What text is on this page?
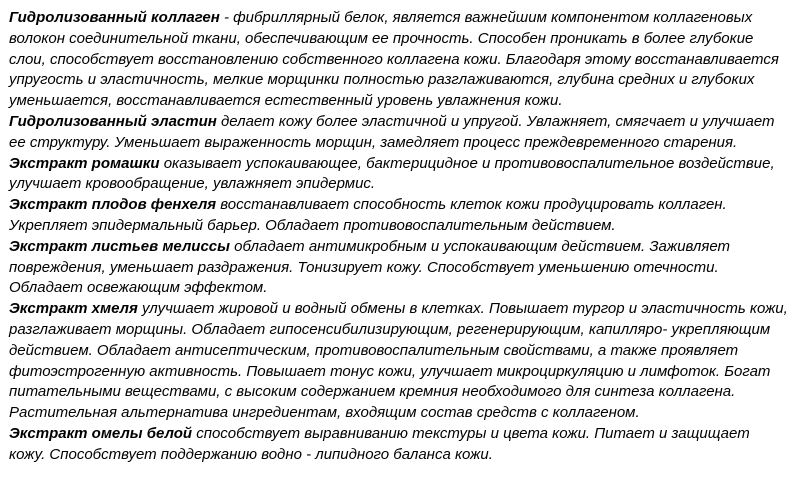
Гидролизованный коллаген - фибриллярный белок, является важнейшим компонентом коллагеновых волокон соединительной ткани, обеспечивающим ее прочность. Способен проникать в более глубокие слои, способствует восстановлению собственного коллагена кожи. Благодаря этому восстанавливается упругость и эластичность, мелкие морщинки полностью разглаживаются, глубина средних и глубоких уменьшается, восстанавливается естественный уровень увлажнения кожи.

Гидролизованный эластин делает кожу более эластичной и упругой. Увлажняет, смягчает и улучшает ее структуру. Уменьшает выраженность морщин, замедляет процесс преждевременного старения.

Экстракт ромашки оказывает успокаивающее, бактерицидное и противовоспалительное воздействие, улучшает кровообращение, увлажняет эпидермис.

Экстракт плодов фенхеля восстанавливает способность клеток кожи продуцировать коллаген. Укрепляет эпидермальный барьер. Обладает противовоспалительным действием.

Экстракт листьев мелиссы обладает антимикробным и успокаивающим действием. Заживляет повреждения, уменьшает раздражения. Тонизирует кожу. Способствует уменьшению отечности. Обладает освежающим эффектом.

Экстракт хмеля улучшает жировой и водный обмены в клетках. Повышает тургор и эластичность кожи, разглаживает морщины. Обладает гипосенсибилизирующим, регенерирующим, капилляро- укрепляющим действием. Обладает антисептическим, противовоспалительным свойствами, а также проявляет фитоэстрогенную активность. Повышает тонус кожи, улучшает микроциркуляцию и лимфоток. Богат питательными веществами, с высоким содержанием кремния необходимого для синтеза коллагена. Растительная альтернатива ингредиентам, входящим состав средств с коллагеном.

Экстракт омелы белой способствует выравниванию текстуры и цвета кожи. Питает и защищает кожу. Способствует поддержанию водно - липидного баланса кожи.
